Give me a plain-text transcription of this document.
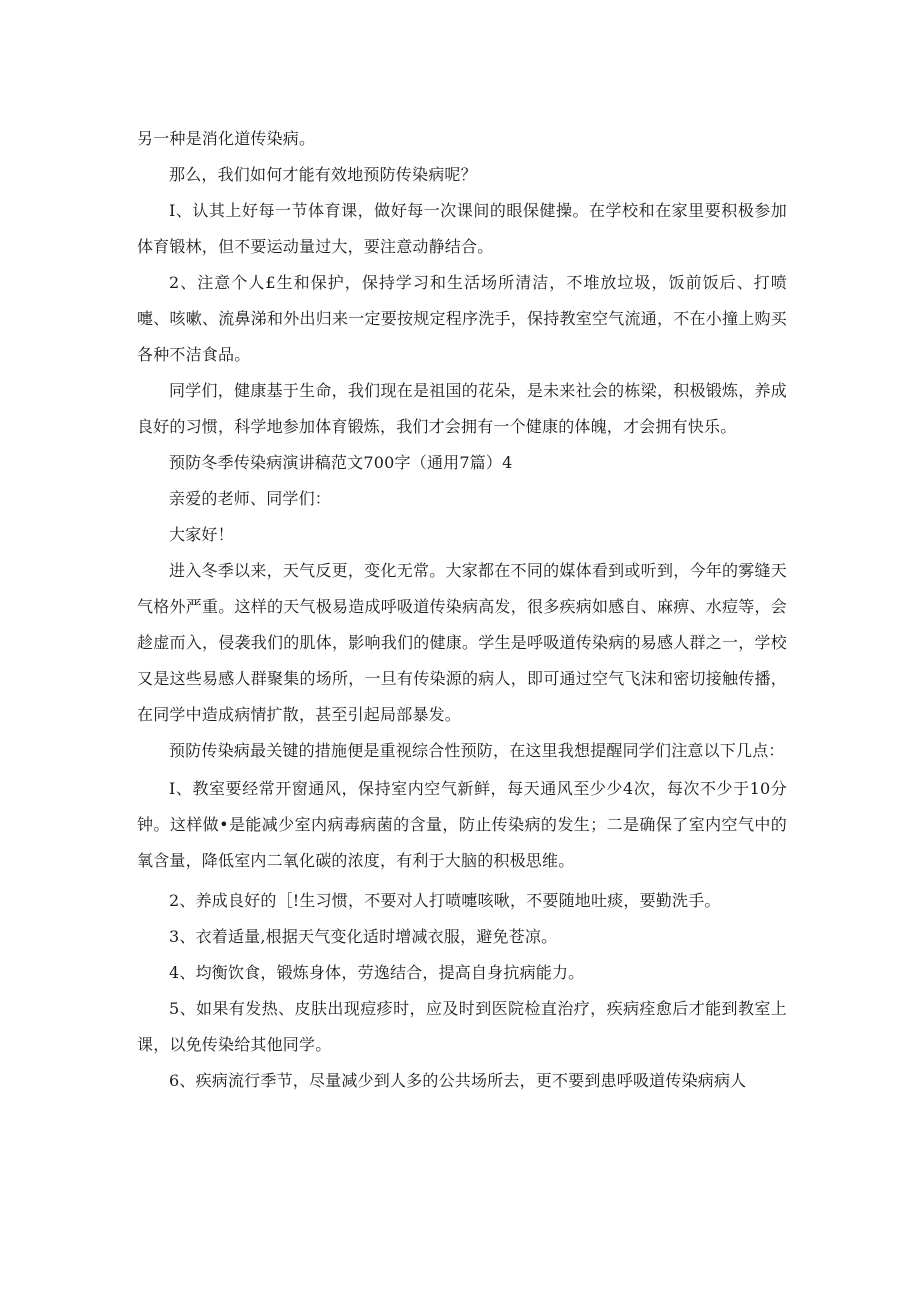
另一种是消化道传染病。

那么，我们如何才能有效地预防传染病呢？

I、认其上好每一节体育课，做好每一次课间的眼保健操。在学校和在家里要积极参加体育锻林，但不要运动量过大，要注意动静结合。

2、注意个人£生和保护，保持学习和生活场所清洁，不堆放垃圾，饭前饭后、打喷嚏、咳嗽、流鼻涕和外出归来一定要按规定程序洗手，保持教室空气流通，不在小撞上购买各种不洁食品。

同学们，健康基于生命，我们现在是祖国的花朵，是未来社会的栋梁，积极锻炼，养成良好的习惯，科学地参加体育锻炼，我们才会拥有一个健康的体魄，才会拥有快乐。

预防冬季传染病演讲稿范文700字（通用7篇）4

亲爱的老师、同学们：

大家好！

进入冬季以来，天气反更，变化无常。大家都在不同的媒体看到或听到，今年的雾缝天气格外严重。这样的天气极易造成呼吸道传染病高发，很多疾病如感自、麻痹、水痘等，会趁虚而入，侵袭我们的肌体，影响我们的健康。学生是呼吸道传染病的易感人群之一，学校又是这些易感人群聚集的场所，一旦有传染源的病人，即可通过空气飞沫和密切接触传播，在同学中造成病情扩散，甚至引起局部暴发。

预防传染病最关键的措施便是重视综合性预防，在这里我想提醒同学们注意以下几点：

I、教室要经常开窗通风，保持室内空气新鲜，每天通风至少少4次，每次不少于10分钟。这样做•是能减少室内病毒病菌的含量，防止传染病的发生；二是确保了室内空气中的氧含量，降低室内二氧化碳的浓度，有利于大脑的积极思维。

2、养成良好的［!生习惯，不要对人打喷嚏咳啾，不要随地吐痰，要勤洗手。

3、衣着适量,根据天气变化适时增减衣服，避免苍凉。

4、均衡饮食，锻炼身体，劳逸结合，提高自身抗病能力。

5、如果有发热、皮肤出现痘疹时，应及时到医院检直治疗，疾病痊愈后才能到教室上课，以免传染给其他同学。

6、疾病流行季节，尽量减少到人多的公共场所去，更不要到患呼吸道传染病病人
